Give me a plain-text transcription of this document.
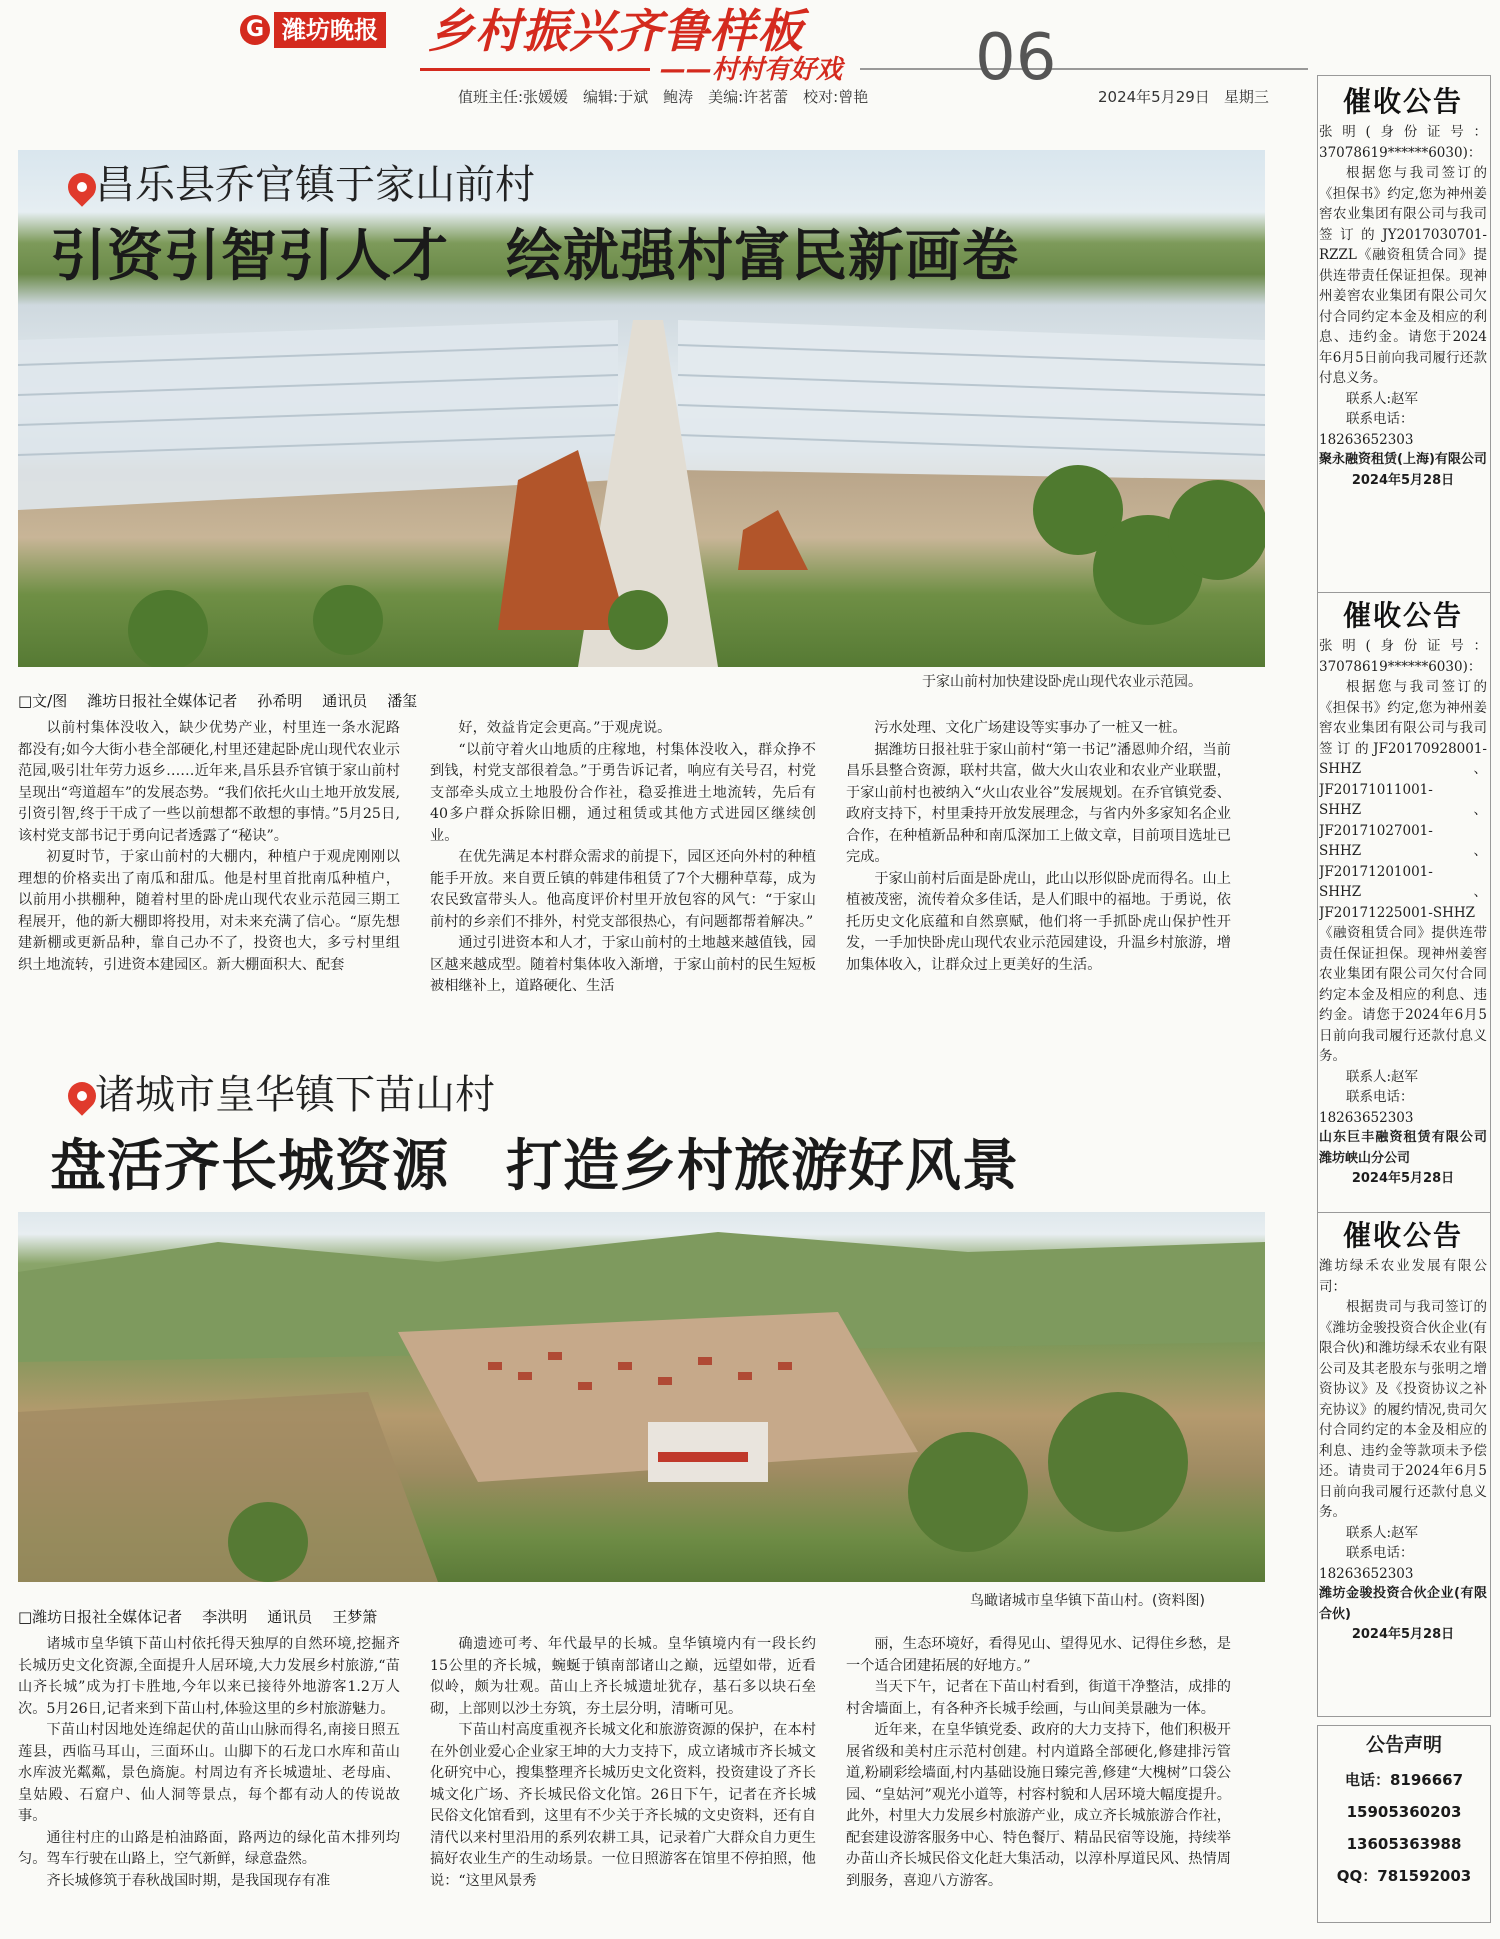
G 潍坊晚报	乡村振兴齐鲁样板
——村村有好戏 06
值班主任:张媛媛　编辑:于斌　鲍涛　美编:许茗蕾　校对:曾艳	2024年5月29日 星期三
昌乐县乔官镇于家山前村
引资引智引人才　绘就强村富民新画卷
于家山前村加快建设卧虎山现代农业示范园。
□文/图 潍坊日报社全媒体记者 孙希明 通讯员 潘玺

以前村集体没收入，缺少优势产业，村里连一条水泥路都没有;如今大街小巷全部硬化,村里还建起卧虎山现代农业示范园,吸引壮年劳力返乡……近年来,昌乐县乔官镇于家山前村呈现出“弯道超车”的发展态势。“我们依托火山土地开放发展,引资引智,终于干成了一些以前想都不敢想的事情。”5月25日,该村党支部书记于勇向记者透露了“秘诀”。

初夏时节，于家山前村的大棚内，种植户于观虎刚刚以理想的价格卖出了南瓜和甜瓜。他是村里首批南瓜种植户，以前用小拱棚种，随着村里的卧虎山现代农业示范园三期工程展开，他的新大棚即将投用，对未来充满了信心。“原先想建新棚或更新品种，靠自己办不了，投资也大，多亏村里组织土地流转，引进资本建园区。新大棚面积大、配套

好，效益肯定会更高。”于观虎说。

“以前守着火山地质的庄稼地，村集体没收入，群众挣不到钱，村党支部很着急。”于勇告诉记者，响应有关号召，村党支部牵头成立土地股份合作社，稳妥推进土地流转，先后有40多户群众拆除旧棚，通过租赁或其他方式进园区继续创业。

在优先满足本村群众需求的前提下，园区还向外村的种植能手开放。来自贾丘镇的韩建伟租赁了7个大棚种草莓，成为农民致富带头人。他高度评价村里开放包容的风气：“于家山前村的乡亲们不排外，村党支部很热心，有问题都帮着解决。”

通过引进资本和人才，于家山前村的土地越来越值钱，园区越来越成型。随着村集体收入渐增，于家山前村的民生短板被相继补上，道路硬化、生活

污水处理、文化广场建设等实事办了一桩又一桩。

据潍坊日报社驻于家山前村“第一书记”潘恩帅介绍，当前昌乐县整合资源，联村共富，做大火山农业和农业产业联盟，于家山前村也被纳入“火山农业谷”发展规划。在乔官镇党委、政府支持下，村里秉持开放发展理念，与省内外多家知名企业合作，在种植新品种和南瓜深加工上做文章，目前项目选址已完成。

于家山前村后面是卧虎山，此山以形似卧虎而得名。山上植被茂密，流传着众多佳话，是人们眼中的福地。于勇说，依托历史文化底蕴和自然禀赋，他们将一手抓卧虎山保护性开发，一手加快卧虎山现代农业示范园建设，升温乡村旅游，增加集体收入，让群众过上更美好的生活。

诸城市皇华镇下苗山村
盘活齐长城资源　打造乡村旅游好风景
鸟瞰诸城市皇华镇下苗山村。(资料图)
□潍坊日报社全媒体记者 李洪明 通讯员 王梦箫

诸城市皇华镇下苗山村依托得天独厚的自然环境,挖掘齐长城历史文化资源,全面提升人居环境,大力发展乡村旅游,“苗山齐长城”成为打卡胜地,今年以来已接待外地游客1.2万人次。5月26日,记者来到下苗山村,体验这里的乡村旅游魅力。

下苗山村因地处连绵起伏的苗山山脉而得名,南接日照五莲县，西临马耳山，三面环山。山脚下的石龙口水库和苗山水库波光粼粼，景色旖旎。村周边有齐长城遗址、老母庙、皇姑殿、石窟户、仙人洞等景点，每个都有动人的传说故事。

通往村庄的山路是柏油路面，路两边的绿化苗木排列均匀。驾车行驶在山路上，空气新鲜，绿意盎然。

齐长城修筑于春秋战国时期，是我国现存有准

确遗迹可考、年代最早的长城。皇华镇境内有一段长约15公里的齐长城，蜿蜒于镇南部诸山之巅，远望如带，近看似岭，颇为壮观。苗山上齐长城遗址犹存，基石多以块石垒砌，上部则以沙土夯筑，夯土层分明，清晰可见。

下苗山村高度重视齐长城文化和旅游资源的保护，在本村在外创业爱心企业家王坤的大力支持下，成立诸城市齐长城文化研究中心，搜集整理齐长城历史文化资料，投资建设了齐长城文化广场、齐长城民俗文化馆。26日下午，记者在齐长城民俗文化馆看到，这里有不少关于齐长城的文史资料，还有自清代以来村里沿用的系列农耕工具，记录着广大群众自力更生搞好农业生产的生动场景。一位日照游客在馆里不停拍照，他说：“这里风景秀

丽，生态环境好，看得见山、望得见水、记得住乡愁，是一个适合团建拓展的好地方。”

当天下午，记者在下苗山村看到，街道干净整洁，成排的村舍墙面上，有各种齐长城手绘画，与山间美景融为一体。

近年来，在皇华镇党委、政府的大力支持下，他们积极开展省级和美村庄示范村创建。村内道路全部硬化,修建排污管道,粉刷彩绘墙面,村内基础设施日臻完善,修建“大槐树”口袋公园、“皇姑河”观光小道等，村容村貌和人居环境大幅度提升。此外，村里大力发展乡村旅游产业，成立齐长城旅游合作社，配套建设游客服务中心、特色餐厅、精品民宿等设施，持续举办苗山齐长城民俗文化赶大集活动，以淳朴厚道民风、热情周到服务，喜迎八方游客。

催收公告

张明(身份证号：37078619******6030)：

根据您与我司签订的《担保书》约定,您为神州姜窖农业集团有限公司与我司签订的JY2017030701-RZZL《融资租赁合同》提供连带责任保证担保。现神州姜窖农业集团有限公司欠付合同约定本金及相应的利息、违约金。请您于2024年6月5日前向我司履行还款付息义务。

联系人:赵军

联系电话：

18263652303

聚永融资租赁(上海)有限公司

2024年5月28日

催收公告

张明(身份证号：37078619******6030)：

根据您与我司签订的《担保书》约定,您为神州姜窖农业集团有限公司与我司签订的JF20170928001-SHHZ、JF20171011001-SHHZ、JF20171027001-SHHZ、JF20171201001-SHHZ、JF20171225001-SHHZ《融资租赁合同》提供连带责任保证担保。现神州姜窖农业集团有限公司欠付合同约定本金及相应的利息、违约金。请您于2024年6月5日前向我司履行还款付息义务。

联系人:赵军

联系电话：

18263652303

山东巨丰融资租赁有限公司潍坊峡山分公司

2024年5月28日

催收公告

潍坊绿禾农业发展有限公司：

根据贵司与我司签订的《潍坊金骏投资合伙企业(有限合伙)和潍坊绿禾农业有限公司及其老股东与张明之增资协议》及《投资协议之补充协议》的履约情况,贵司欠付合同约定的本金及相应的利息、违约金等款项未予偿还。请贵司于2024年6月5日前向我司履行还款付息义务。

联系人:赵军

联系电话：

18263652303

潍坊金骏投资合伙企业(有限合伙)

2024年5月28日

公告声明
电话：8196667
15905360203
13605363988
QQ：781592003
